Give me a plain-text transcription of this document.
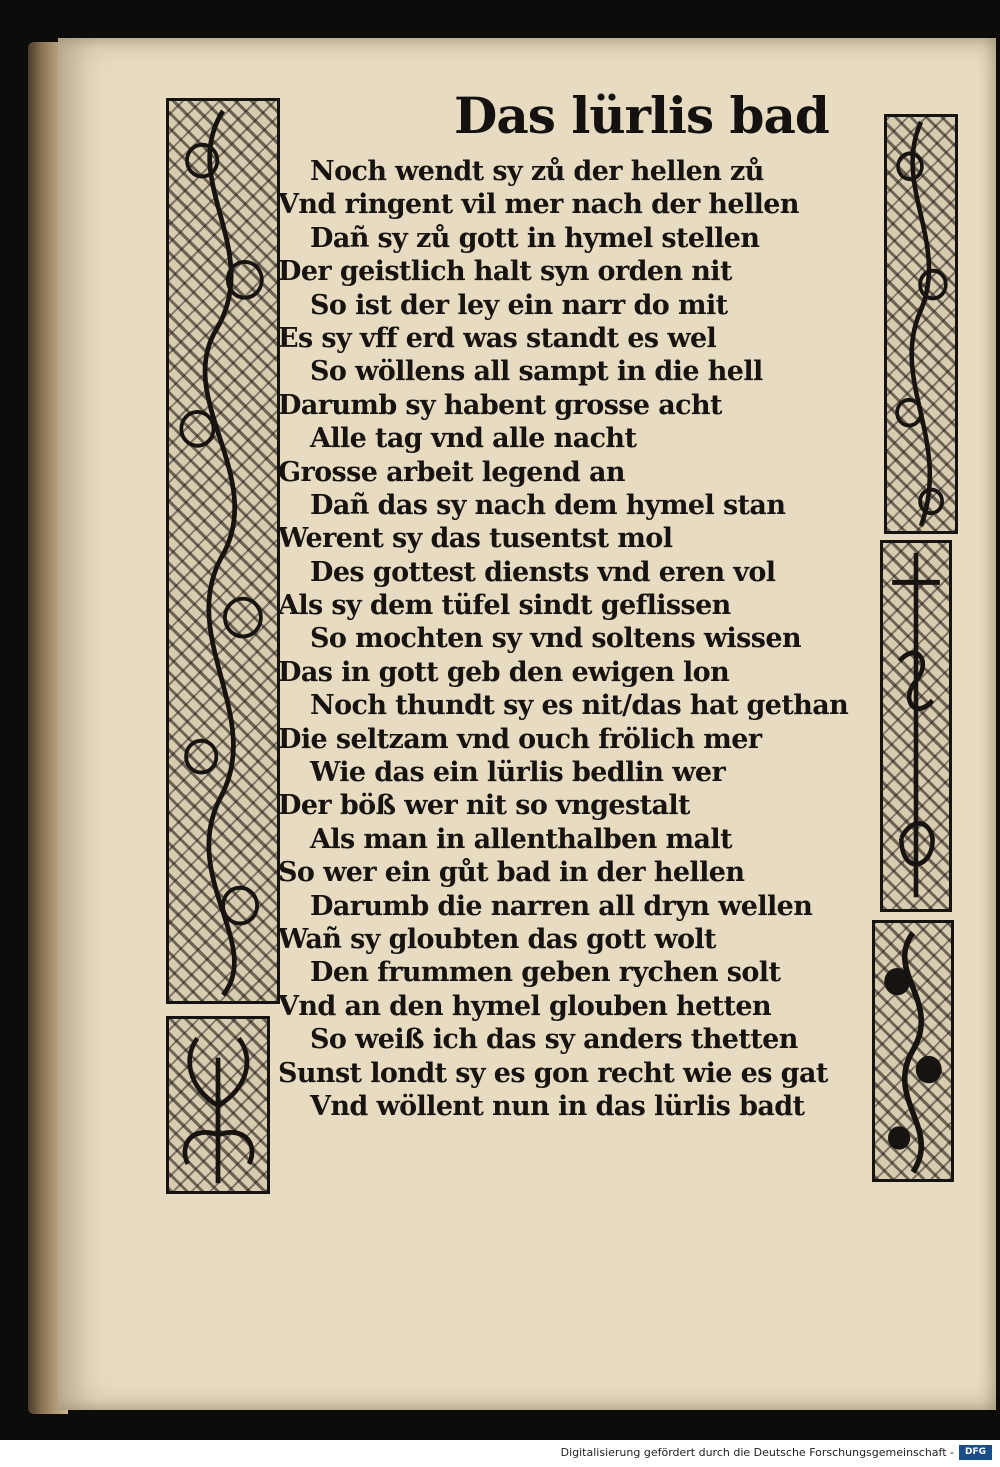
Das lürlis bad
Noch wendt sy zů der hellen zů
Vnd ringent vil mer nach der hellen
Dañ sy zů gott in hymel stellen
Der geistlich halt syn orden nit
So ist der ley ein narr do mit
Es sy vff erd was standt es wel
So wöllens all sampt in die hell
Darumb sy habent grosse acht
Alle tag vnd alle nacht
Grosse arbeit legend an
Dañ das sy nach dem hymel stan
Werent sy das tusentst mol
Des gottest diensts vnd eren vol
Als sy dem tüfel sindt geflissen
So mochten sy vnd soltens wissen
Das in gott geb den ewigen lon
Noch thundt sy es nit/das hat gethan
Die seltzam vnd ouch frölich mer
Wie das ein lürlis bedlin wer
Der böß wer nit so vngestalt
Als man in allenthalben malt
So wer ein gůt bad in der hellen
Darumb die narren all dryn wellen
Wañ sy gloubten das gott wolt
Den frummen geben rychen solt
Vnd an den hymel glouben hetten
So weiß ich das sy anders thetten
Sunst londt sy es gon recht wie es gat
Vnd wöllent nun in das lürlis badt
Digitalisierung gefördert durch die Deutsche Forschungsgemeinschaft -	DFG
